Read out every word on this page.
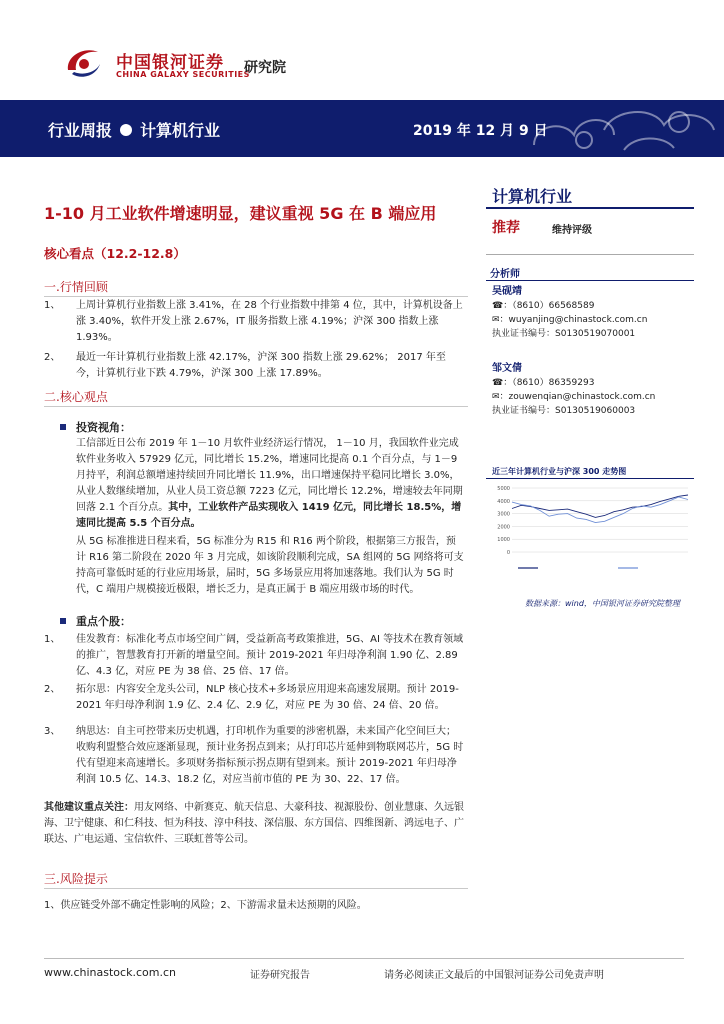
中国银河证券
CHINA GALAXY SECURITIES
研究院
行业周报 计算机行业	2019 年 12 月 9 日
1-10 月工业软件增速明显，建议重视 5G 在 B 端应用
核心看点（12.2-12.8）
一.行情回顾
1、	上周计算机行业指数上涨 3.41%，在 28 个行业指数中排第 4 位，其中，计算机设备上涨 3.40%，软件开发上涨 2.67%，IT 服务指数上涨 4.19%；沪深 300 指数上涨 1.93%。
2、	最近一年计算机行业指数上涨 42.17%，沪深 300 指数上涨 29.62%； 2017 年至今，计算机行业下跌 4.79%，沪深 300 上涨 17.89%。
二.核心观点
投资视角：
工信部近日公布 2019 年 1－10 月软件业经济运行情况， 1－10 月，我国软件业完成软件业务收入 57929 亿元，同比增长 15.2%，增速同比提高 0.1 个百分点，与 1－9 月持平，利润总额增速持续回升同比增长 11.9%，出口增速保持平稳同比增长 3.0%，从业人数继续增加，从业人员工资总额 7223 亿元，同比增长 12.2%，增速较去年同期回落 2.1 个百分点。其中，工业软件产品实现收入 1419 亿元，同比增长 18.5%，增速同比提高 5.5 个百分点。
从 5G 标准推进日程来看，5G 标准分为 R15 和 R16 两个阶段，根据第三方报告，预计 R16 第二阶段在 2020 年 3 月完成，如该阶段顺利完成，SA 组网的 5G 网络将可支持高可靠低时延的行业应用场景，届时，5G 多场景应用将加速落地。我们认为 5G 时代，C 端用户规模接近极限，增长乏力，是真正属于 B 端应用级市场的时代。
重点个股：
1、	佳发教育：标准化考点市场空间广阔，受益新高考政策推进，5G、AI 等技术在教育领域的推广，智慧教育打开新的增量空间。预计 2019-2021 年归母净利润 1.90 亿、2.89 亿、4.3 亿，对应 PE 为 38 倍、25 倍、17 倍。
2、	拓尔思：内容安全龙头公司，NLP 核心技术+多场景应用迎来高速发展期。预计 2019-2021 年归母净利润 1.9 亿、2.4 亿、2.9 亿，对应 PE 为 30 倍、24 倍、20 倍。
3、	纳思达：自主可控带来历史机遇，打印机作为重要的涉密机器，未来国产化空间巨大；收购利盟整合效应逐渐显现，预计业务拐点到来；从打印芯片延伸到物联网芯片，5G 时代有望迎来高速增长。多项财务指标预示拐点期有望到来。预计 2019-2021 年归母净利润 10.5 亿、14.3、18.2 亿，对应当前市值的 PE 为 30、22、17 倍。
其他建议重点关注：用友网络、中新赛克、航天信息、大豪科技、视源股份、创业慧康、久远银海、卫宁健康、和仁科技、恒为科技、淳中科技、深信服、东方国信、四维图新、鸿远电子、广联达、广电运通、宝信软件、三联虹普等公司。
三.风险提示
1、供应链受外部不确定性影响的风险；2、下游需求量未达预期的风险。
计算机行业
推荐	维持评级
分析师
吴砚靖
☎：（8610）66568589
✉：wuyanjing@chinastock.com.cn
执业证书编号：S0130519070001
邹文倩
☎：（8610）86359293
✉：zouwenqian@chinastock.com.cn
执业证书编号：S0130519060003
近三年计算机行业与沪深 300 走势图
0
1000
2000
3000
4000
5000
数据来源：wind，中国银河证券研究院整理
www.chinastock.com.cn	证券研究报告	请务必阅读正文最后的中国银河证券公司免责声明
